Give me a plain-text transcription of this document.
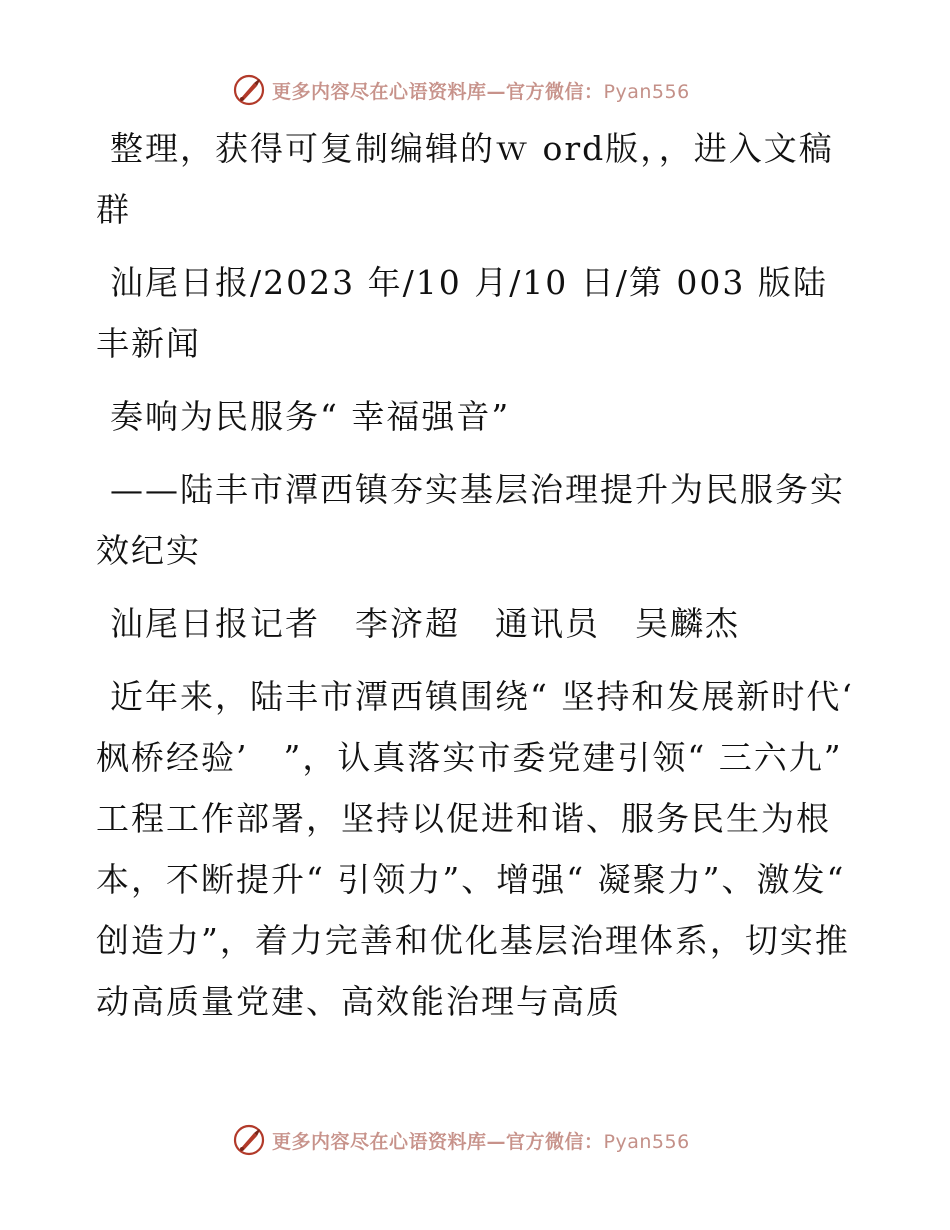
更多内容尽在心语资料库—官方微信：Pyan556

整理，获得可复制编辑的ｗ ord版，，进入文稿群

汕尾日报/2023 年/10 月/10 日/第 003 版陆丰新闻

奏响为民服务“ 幸福强音”

——陆丰市潭西镇夯实基层治理提升为民服务实效纪实

汕尾日报记者　李济超　通讯员　吴麟杰

近年来，陆丰市潭西镇围绕“ 坚持和发展新时代‘ 枫桥经验’　”，认真落实市委党建引领“ 三六九” 工程工作部署，坚持以促进和谐、服务民生为根本，不断提升“ 引领力”、增强“ 凝聚力”、激发“ 创造力”，着力完善和优化基层治理体系，切实推动高质量党建、高效能治理与高质

更多内容尽在心语资料库—官方微信：Pyan556
